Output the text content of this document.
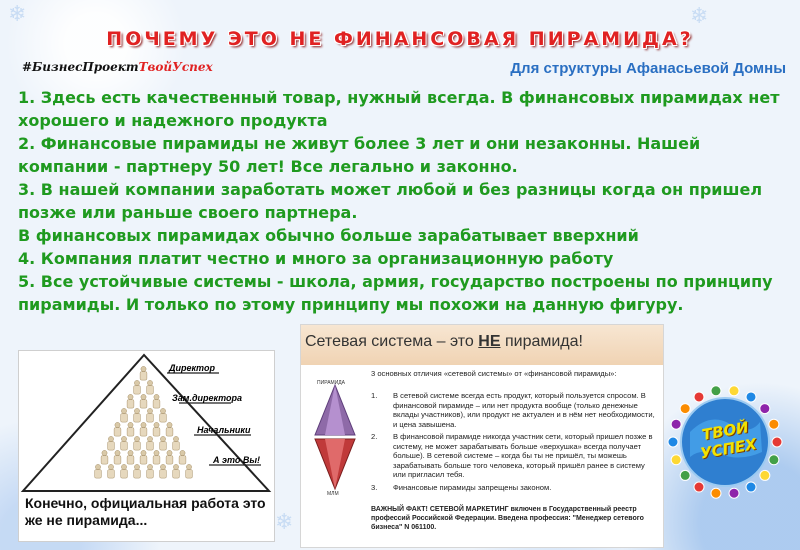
❄	❄
❄
ПОЧЕМУ ЭТО НЕ ФИНАНСОВАЯ ПИРАМИДА?
#БизнесПроектТвойУспех	Для структуры Афанасьевой Домны
1. Здесь есть качественный товар, нужный всегда. В финансовых пирамидах нет хорошего и надежного продукта
2. Финансовые пирамиды не живут более 3 лет и они незаконны. Нашей компании - партнеру 50 лет! Все легально и законно.
3. В нашей компании заработать может любой и без разницы когда он пришел позже или раньше своего партнера.
В финансовых пирамидах обычно больше зарабатывает вверхний
4. Компания платит честно и много за организационную работу
5. Все устойчивые системы - школа, армия, государство построены по принципу пирамиды. И только по этому принципу мы похожи на данную фигуру.
Директор
Зам.директора
Начальники
А это Вы!
Конечно, официальная работа это же не пирамида...
Сетевая система – это НЕ пирамида!
ПИРАМИДА
МЛМ
3 основных отличия «сетевой системы» от «финансовой пирамиды»:
1.	В сетевой системе всегда есть продукт, который пользуется спросом. В финансовой пирамиде – или нет продукта вообще (только денежные вклады участников), или продукт не актуален и в нём нет необходимости, и цена завышена.
2.	В финансовой пирамиде никогда участник сети, который пришел позже в систему, не может зарабатывать больше «верхушка» всегда получает больше). В сетевой системе – когда бы ты не пришёл, ты можешь зарабатывать больше того человека, который пришёл ранее в систему или пригласил тебя.
3.	Финансовые пирамиды запрещены законом.
ВАЖНЫЙ ФАКТ! СЕТЕВОЙ МАРКЕТИНГ включен в Государственный реестр профессий Российской Федерации. Введена профессия: "Менеджер сетевого бизнеса" N 061100.
ТВОЙ УСПЕХ
